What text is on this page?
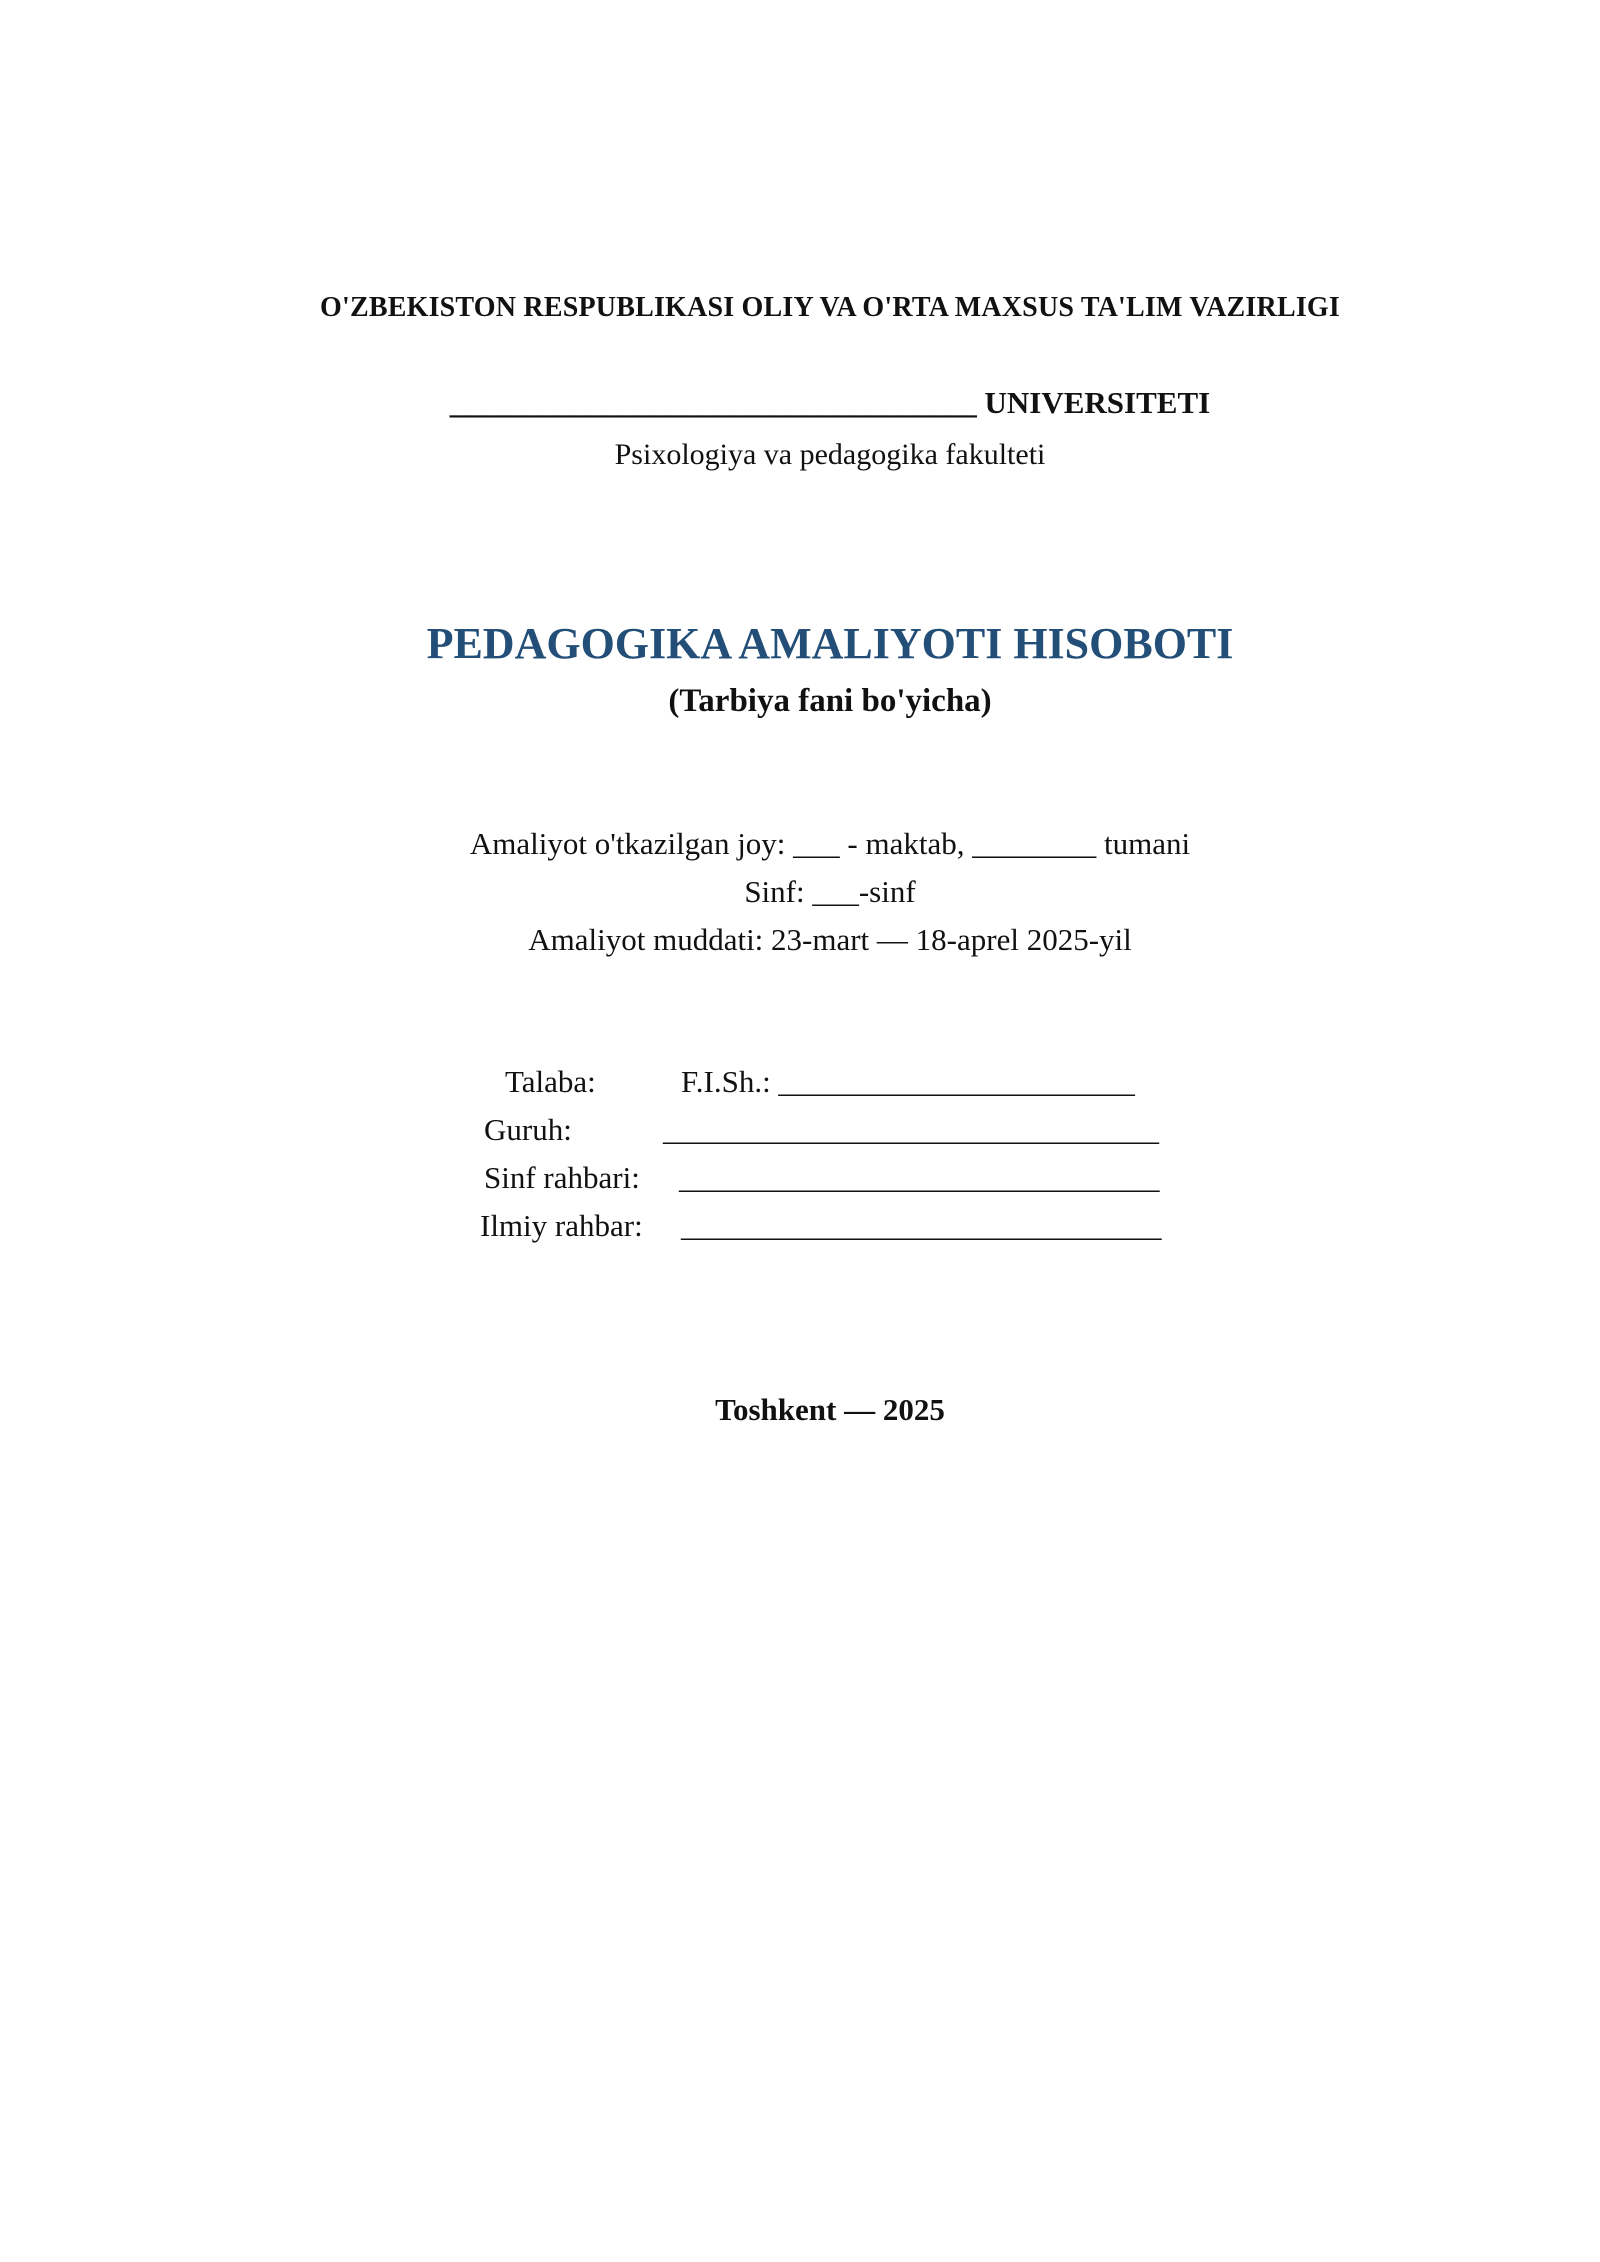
O'ZBEKISTON RESPUBLIKASI OLIY VA O'RTA MAXSUS TA'LIM VAZIRLIGI
__________________________________ UNIVERSITETI
Psixologiya va pedagogika fakulteti
PEDAGOGIKA AMALIYOTI HISOBOTI
(Tarbiya fani bo'yicha)
Amaliyot o'tkazilgan joy: ___ - maktab, ________ tumani
Sinf: ___-sinf
Amaliyot muddati: 23-mart — 18-aprel 2025-yil
Talaba:	F.I.Sh.: _______________________
Guruh:	________________________________
Sinf rahbari: _______________________________
Ilmiy rahbar: _______________________________
Toshkent — 2025
